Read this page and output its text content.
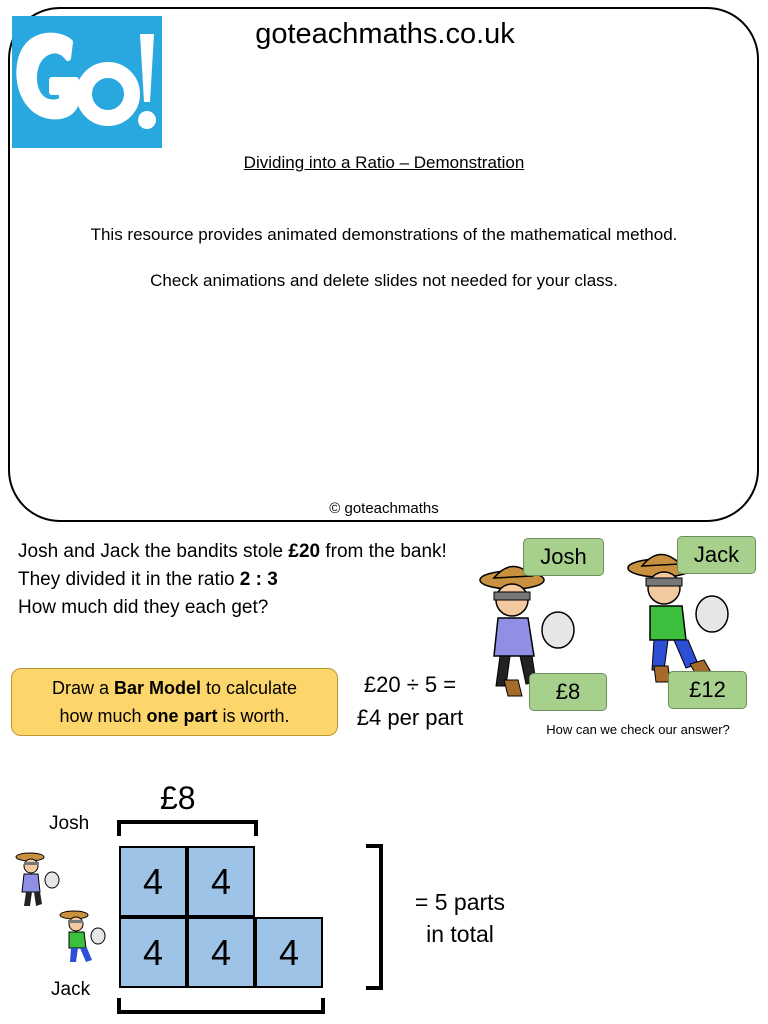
goteachmaths.co.uk
Dividing into a Ratio – Demonstration
This resource provides animated demonstrations of the mathematical method.
Check animations and delete slides not needed for your class.
© goteachmaths
Josh and Jack the bandits stole £20 from the bank!
They divided it in the ratio 2 : 3
How much did they each get?
Josh	Jack
£8	£12
Draw a Bar Model to calculate
how much one part is worth.
£20 ÷ 5 =
£4 per part	How can we check our answer?
£8
Josh
Jack
4	4
4	4	4
= 5 parts
in total
